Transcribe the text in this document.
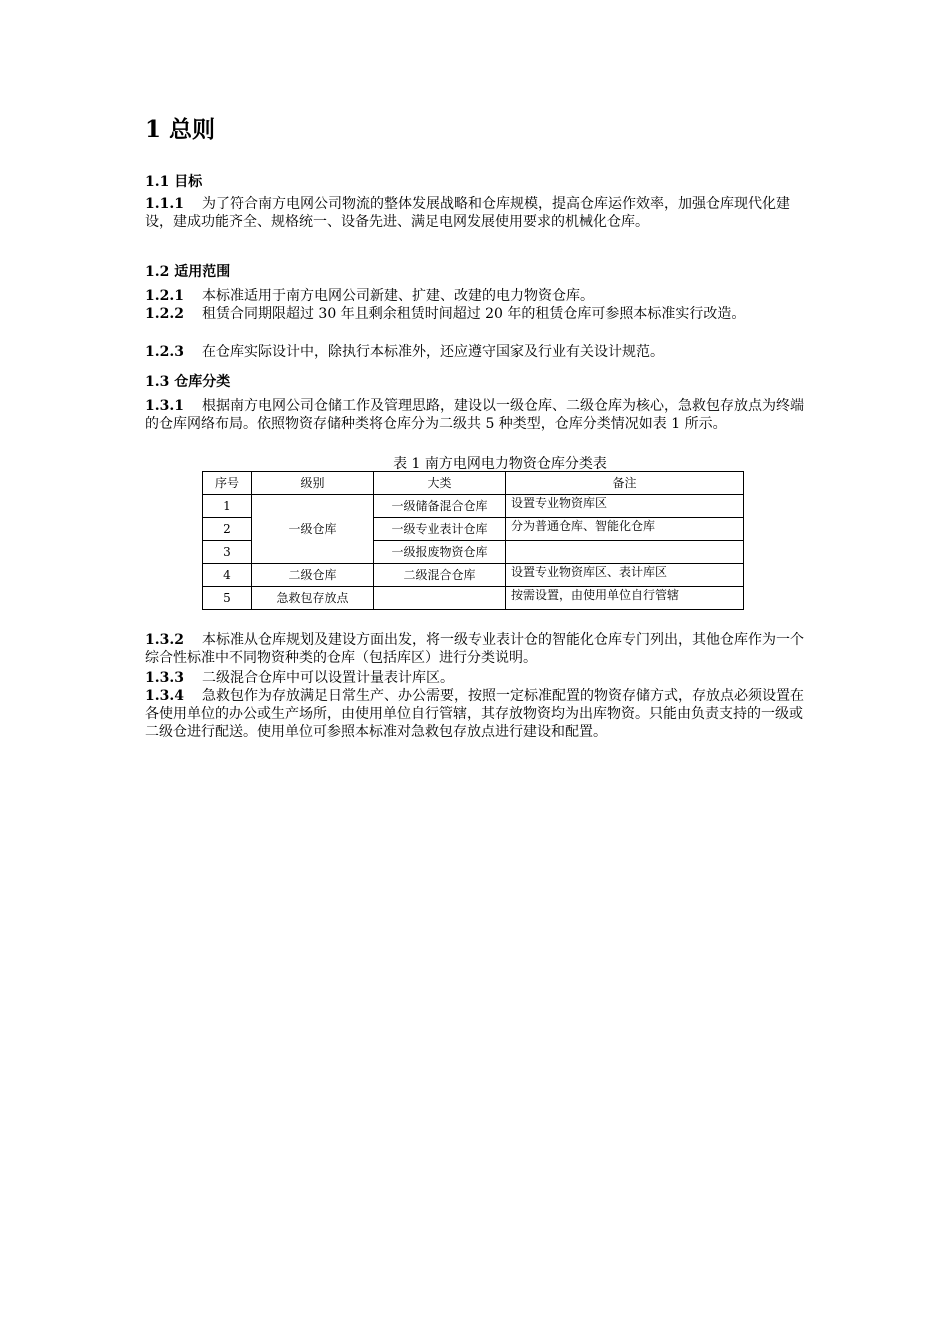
1 总则
1.1 目标

1.1.1 为了符合南方电网公司物流的整体发展战略和仓库规模，提高仓库运作效率，加强仓库现代化建设，建成功能齐全、规格统一、设备先进、满足电网发展使用要求的机械化仓库。

1.2 适用范围

1.2.1 本标准适用于南方电网公司新建、扩建、改建的电力物资仓库。

1.2.2 租赁合同期限超过 30 年且剩余租赁时间超过 20 年的租赁仓库可参照本标准实行改造。

1.2.3 在仓库实际设计中，除执行本标准外，还应遵守国家及行业有关设计规范。

1.3 仓库分类

1.3.1 根据南方电网公司仓储工作及管理思路，建设以一级仓库、二级仓库为核心，急救包存放点为终端的仓库网络布局。依照物资存储种类将仓库分为二级共 5 种类型，仓库分类情况如表 1 所示。

表 1 南方电网电力物资仓库分类表
序号	级别	大类	备注
1	一级仓库	一级储备混合仓库	设置专业物资库区
2		一级专业表计仓库	分为普通仓库、智能化仓库
3		一级报废物资仓库	
4	二级仓库	二级混合仓库	设置专业物资库区、表计库区
5	急救包存放点		按需设置，由使用单位自行管辖

1.3.2 本标准从仓库规划及建设方面出发，将一级专业表计仓的智能化仓库专门列出，其他仓库作为一个综合性标准中不同物资种类的仓库（包括库区）进行分类说明。

1.3.3 二级混合仓库中可以设置计量表计库区。

1.3.4 急救包作为存放满足日常生产、办公需要，按照一定标准配置的物资存储方式，存放点必须设置在各使用单位的办公或生产场所，由使用单位自行管辖，其存放物资均为出库物资。只能由负责支持的一级或二级仓进行配送。使用单位可参照本标准对急救包存放点进行建设和配置。
